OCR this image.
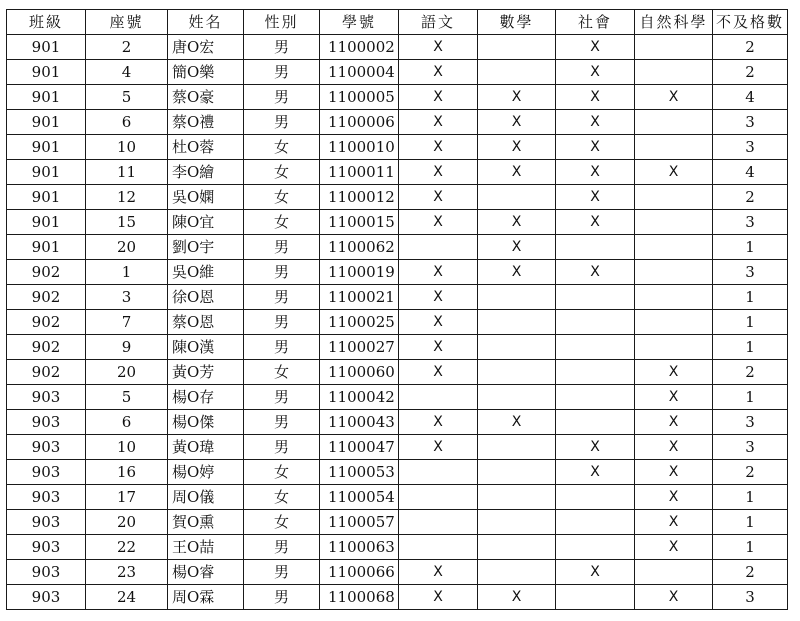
班級	座號	姓名	性別	學號	語文	數學	社會	自然科學	不及格數
901	2	唐O宏	男	1100002	X		X		2
901	4	簡O樂	男	1100004	X		X		2
901	5	蔡O豪	男	1100005	X	X	X	X	4
901	6	蔡O禮	男	1100006	X	X	X		3
901	10	杜O蓉	女	1100010	X	X	X		3
901	11	李O繪	女	1100011	X	X	X	X	4
901	12	吳O嫻	女	1100012	X		X		2
901	15	陳O宜	女	1100015	X	X	X		3
901	20	劉O宇	男	1100062		X			1
902	1	吳O維	男	1100019	X	X	X		3
902	3	徐O恩	男	1100021	X				1
902	7	蔡O恩	男	1100025	X				1
902	9	陳O漢	男	1100027	X				1
902	20	黃O芳	女	1100060	X			X	2
903	5	楊O存	男	1100042				X	1
903	6	楊O傑	男	1100043	X	X		X	3
903	10	黃O瑋	男	1100047	X		X	X	3
903	16	楊O婷	女	1100053			X	X	2
903	17	周O儀	女	1100054				X	1
903	20	賀O熏	女	1100057				X	1
903	22	王O喆	男	1100063				X	1
903	23	楊O睿	男	1100066	X		X		2
903	24	周O霖	男	1100068	X	X		X	3
